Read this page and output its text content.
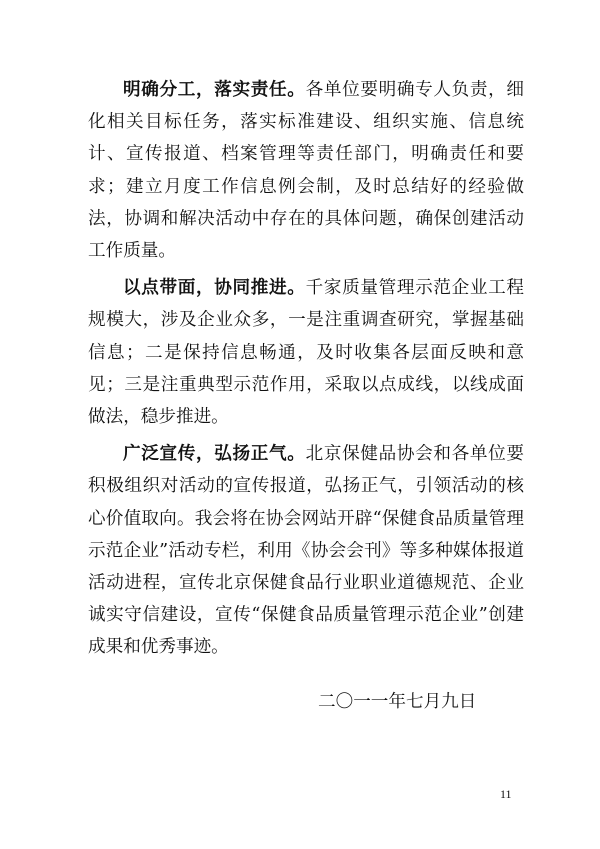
明确分工，落实责任。各单位要明确专人负责，细化相关目标任务，落实标准建设、组织实施、信息统计、宣传报道、档案管理等责任部门，明确责任和要求；建立月度工作信息例会制，及时总结好的经验做法，协调和解决活动中存在的具体问题，确保创建活动工作质量。

以点带面，协同推进。千家质量管理示范企业工程规模大，涉及企业众多，一是注重调查研究，掌握基础信息；二是保持信息畅通，及时收集各层面反映和意见；三是注重典型示范作用，采取以点成线，以线成面做法，稳步推进。

广泛宣传，弘扬正气。北京保健品协会和各单位要积极组织对活动的宣传报道，弘扬正气，引领活动的核心价值取向。我会将在协会网站开辟“保健食品质量管理示范企业”活动专栏，利用《协会会刊》等多种媒体报道活动进程，宣传北京保健食品行业职业道德规范、企业诚实守信建设，宣传“保健食品质量管理示范企业”创建成果和优秀事迹。

二〇一一年七月九日
11
